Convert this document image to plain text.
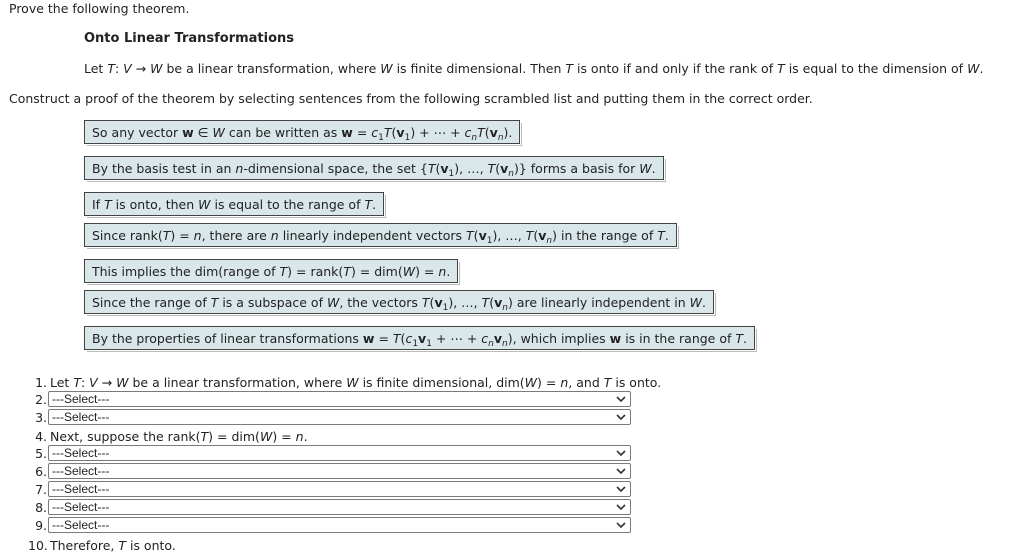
Prove the following theorem.
Onto Linear Transformations
Let T: V → W be a linear transformation, where W is finite dimensional. Then T is onto if and only if the rank of T is equal to the dimension of W.
Construct a proof of the theorem by selecting sentences from the following scrambled list and putting them in the correct order.
So any vector w ∈ W can be written as $w = c_1T(v_1)$ + ⋯ + $c_nT(v_n)$.
By the basis test in an n-dimensional space, the set {$T(v_1)$, …, $T(v_n)$} forms a basis for W.
If T is onto, then W is equal to the range of T.
Since rank(T) = n, there are n linearly independent vectors $T(v_1)$, …, $T(v_n)$ in the range of T.
This implies the dim(range of T) = rank(T) = dim(W) = n.
Since the range of T is a subspace of W, the vectors $T(v_1)$, …, $T(v_n)$ are linearly independent in W.
By the properties of linear transformations $w = T(c_1v_1$ + ⋯ + $c_nv_n$), which implies w is in the range of T.
1. Let T: V → W be a linear transformation, where W is finite dimensional, dim(W) = n, and T is onto.
2. ---Select---
3. ---Select---
4. Next, suppose the rank(T) = dim(W) = n.
5. ---Select---
6. ---Select---
7. ---Select---
8. ---Select---
9. ---Select---
10. Therefore, T is onto.
